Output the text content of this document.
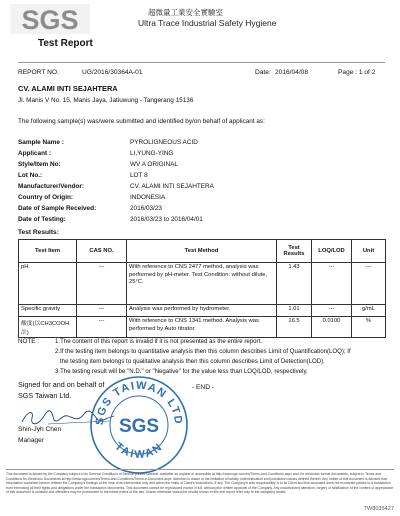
SGS	超微量工業安全實驗室
Ultra Trace Industrial Safety Hygiene
Test Report
REPORT NO:	UG/2016/30364A-01	Date: 2016/04/08	Page : 1 of 2
CV. ALAMI INTI SEJAHTERA
Jl. Manis V No. 15, Manis Jaya, Jatiuwung - Tangerang 15136
The following sample(s) was/were submitted and identified by/on behalf of applicant as:
Sample Name :	PYROLIGNEOUS ACID
Applicant :	LI,YUNG-YING
Style/Item No:	WV A ORIGINAL
Lot No.:	LOT 8
Manufacturer/Vendor:	CV. ALAMI INTI SEJAHTERA
Country of Origin:	INDONESIA
Date of Sample Received:	2016/03/23
Date of Testing:	2016/03/23 to 2016/04/01
Test Results:
Test Item	CAS NO.	Test Method	Test Results	LOQ/LOD	Unit
pH	---	With reference to CNS 2477 method, analysis was performed by pH-meter. Test Condition: without dilute, 25°C.	1.43	---	---
Specific gravity	---	Analysis was performed by hydrometer.	1.01	---	g/mL
酸度(以CH3COOH 計)	---	With reference to CNS 1341 method. Analysis was performed by Auto titrator.	16.5	0.0100	%
NOTE :	1.The content of this report is invalid if it is not presented as the entire report.
2.If the testing item belongs to quantitative analysis then this column describes Limit of Quantification(LOQ); If
the testing item belongs to qualitative analysis then this column describes Limit of Detection(LOD).
3.The testing result will be "N.D." or "Negative" for the value less than LOQ/LOD, respectively.
Signed for and on behalf of
SGS Taiwan Ltd.
- END -
SGS TAIWAN LTD
TAIWAN
SGS
Shin-Jyh Chen
Manager
This document is issued by the Company subject to its General Conditions of Service printed overleaf, available on request or accessible at http://www.sgs.com/en/Terms-and-Conditions.aspx and, for electronic format documents, subject to Terms and Conditions for Electronic Documents at http://www.sgs.com/en/Terms-and-Conditions/Terms-e-Document.aspx. Attention is drawn to the limitation of liability, indemnification and jurisdiction issues defined therein. Any holder of this document is advised that information contained hereon reflects the Company's findings at the time of its intervention only and within the limits of Client's instructions, if any. The Company's sole responsibility is to its Client and this document does not exonerate parties to a transaction from exercising all their rights and obligations under the transaction documents. This document cannot be reproduced except in full, without prior written approval of the Company. Any unauthorized alteration, forgery or falsification of the content or appearance of this document is unlawful and offenders may be prosecuted to the fullest extent of the law. Unless otherwise stated the results shown in this test report refer only to the sample(s) tested.
TW8035427
